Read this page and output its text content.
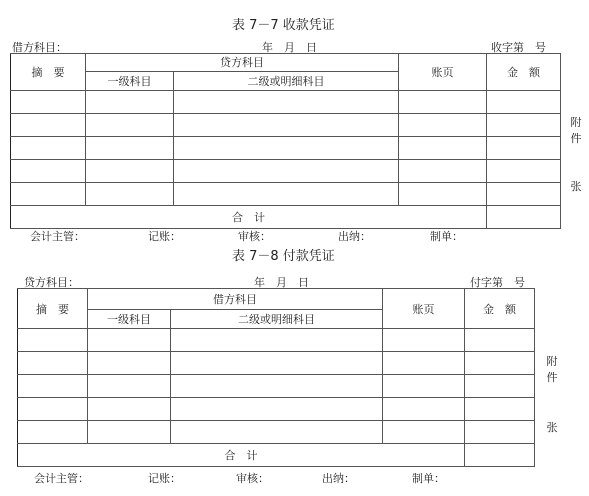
表 7－7 收款凭证
借方科目：	年　月　日	收字第　号
摘　要	贷方科目		账页	金　额
	一级科目	二级或明细科目		

合　计				
附
件
张
会计主管：	记账：	审核：	出纳：	制单：
表 7－8 付款凭证
贷方科目：	年　月　日	付字第　号
摘　要	借方科目		账页	金　额
	一级科目	二级或明细科目		

合　计				
附
件
张
会计主管：	记账：	审核：	出纳：	制单：
